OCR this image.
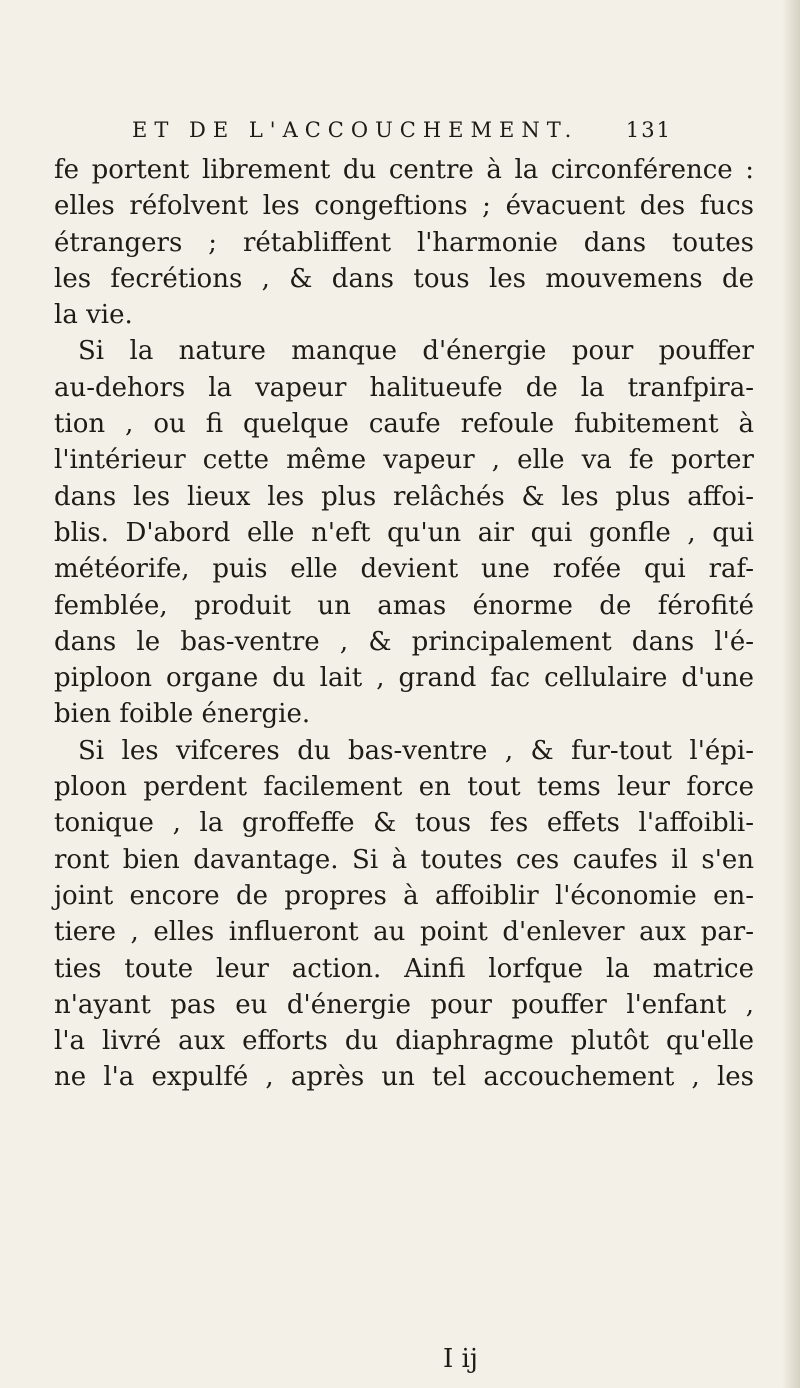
ET DE L'ACCOUCHEMENT. 131
fe portent librement du centre à la circonférence :
elles réfolvent les congeftions ; évacuent des fucs
étrangers ; rétabliffent l'harmonie dans toutes
les fecrétions , & dans tous les mouvemens de
la vie.
Si la nature manque d'énergie pour pouffer
au-dehors la vapeur halitueufe de la tranfpira-
tion , ou fi quelque caufe refoule fubitement à
l'intérieur cette même vapeur , elle va fe porter
dans les lieux les plus relâchés & les plus affoi-
blis. D'abord elle n'eft qu'un air qui gonfle , qui
météorife, puis elle devient une rofée qui raf-
femblée, produit un amas énorme de férofité
dans le bas-ventre , & principalement dans l'é-
piploon organe du lait , grand fac cellulaire d'une
bien foible énergie.
Si les vifceres du bas-ventre , & fur-tout l'épi-
ploon perdent facilement en tout tems leur force
tonique , la groffeffe & tous fes effets l'affoibli-
ront bien davantage. Si à toutes ces caufes il s'en
joint encore de propres à affoiblir l'économie en-
tiere , elles influeront au point d'enlever aux par-
ties toute leur action. Ainfi lorfque la matrice
n'ayant pas eu d'énergie pour pouffer l'enfant ,
l'a livré aux efforts du diaphragme plutôt qu'elle
ne l'a expulfé , après un tel accouchement , les
I ij
